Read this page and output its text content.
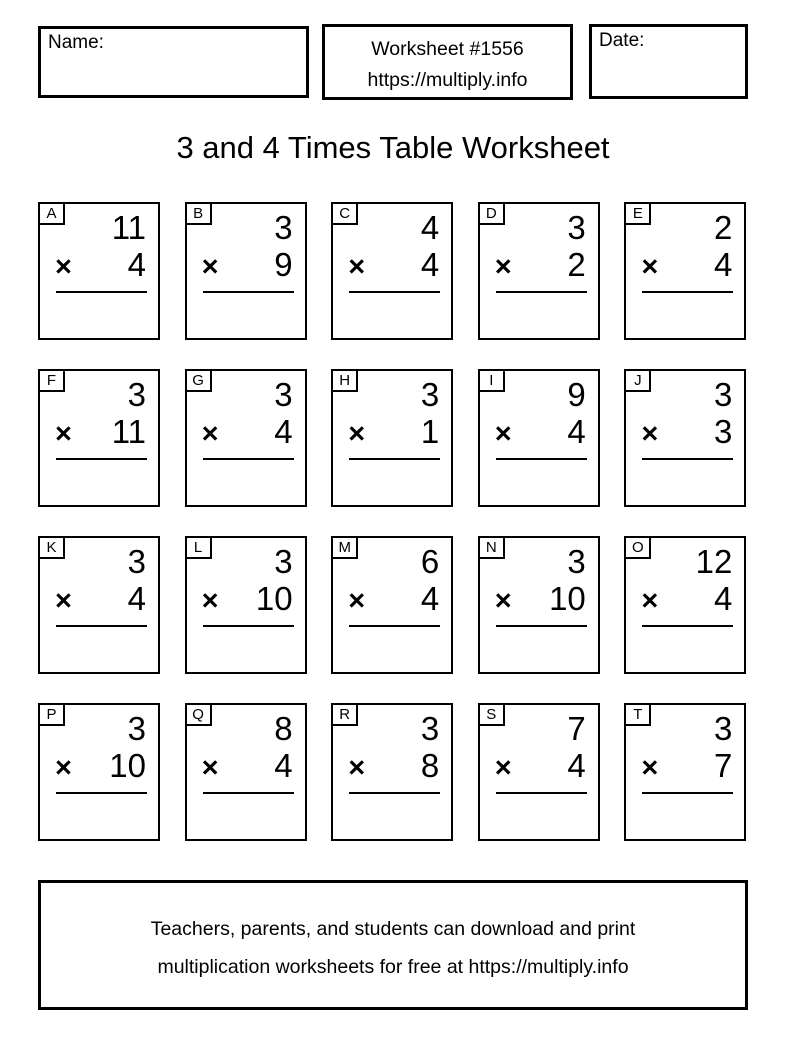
Name:	Worksheet #1556
https://multiply.info
Date:
3 and 4 Times Table Worksheet
A	11
× 4
B	3
× 9
C	4
× 4
D	3
× 2
E	2
× 4
F	3
× 11
G	3
× 4
H	3
× 1
I	9
× 4
J	3
× 3
K	3
× 4
L	3
× 10
M	6
× 4
N	3
× 10
O	12
× 4
P	3
× 10
Q	8
× 4
R	3
× 8
S	7
× 4
T	3
× 7
Teachers, parents, and students can download and print
multiplication worksheets for free at https://multiply.info
